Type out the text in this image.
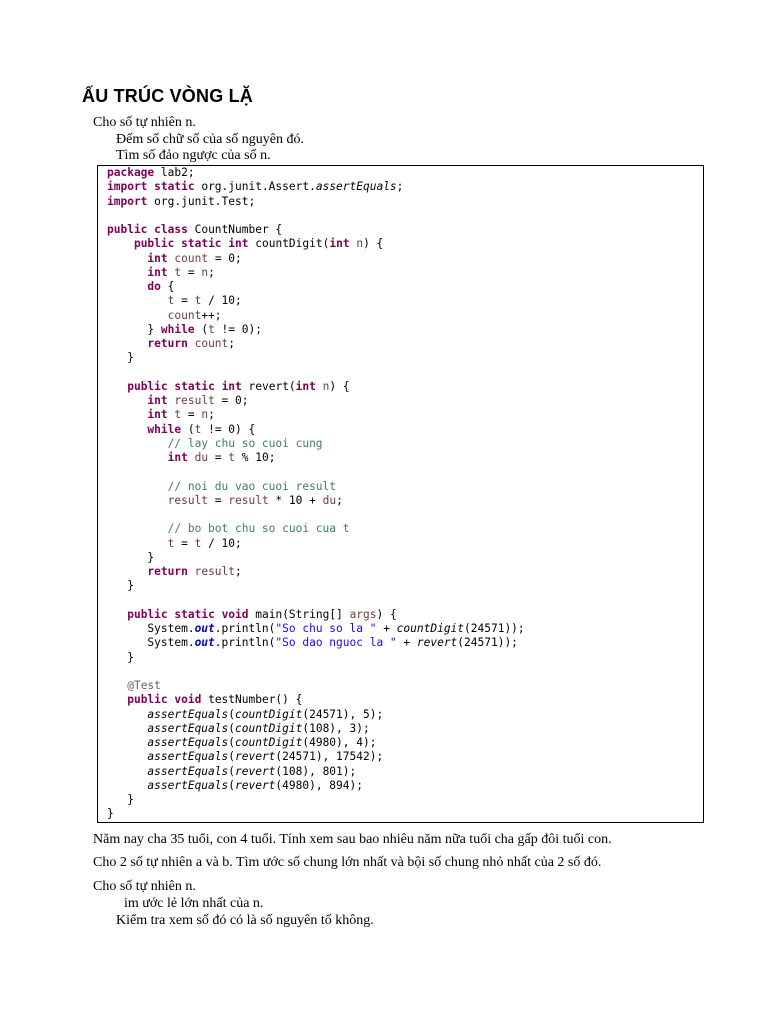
ẤU TRÚC VÒNG LẶ
Cho số tự nhiên n.
Đếm số chữ số của số nguyên đó.
Tìm số đảo ngược của số n.
package lab2;
import static org.junit.Assert.assertEquals;
import org.junit.Test;
public class CountNumber {
public static int countDigit(int n) {
int count = 0;
int t = n;
do {
t = t / 10;
count++;
} while (t != 0);
return count;
}
public static int revert(int n) {
int result = 0;
int t = n;
while (t != 0) {
// lay chu so cuoi cung
int du = t % 10;
// noi du vao cuoi result
result = result * 10 + du;
// bo bot chu so cuoi cua t
t = t / 10;
}
return result;
}
public static void main(String[] args) {
System.out.println("So chu so la " + countDigit(24571));
System.out.println("So dao nguoc la " + revert(24571));
}
@Test
public void testNumber() {
assertEquals(countDigit(24571), 5);
assertEquals(countDigit(108), 3);
assertEquals(countDigit(4980), 4);
assertEquals(revert(24571), 17542);
assertEquals(revert(108), 801);
assertEquals(revert(4980), 894);
}
}
Năm nay cha 35 tuổi, con 4 tuổi. Tính xem sau bao nhiêu năm nữa tuổi cha gấp đôi tuổi con.
Cho 2 số tự nhiên a và b. Tìm ước số chung lớn nhất và bội số chung nhỏ nhất của 2 số đó.
Cho số tự nhiên n.
im ước lẻ lớn nhất của n.
Kiểm tra xem số đó có là số nguyên tố không.
